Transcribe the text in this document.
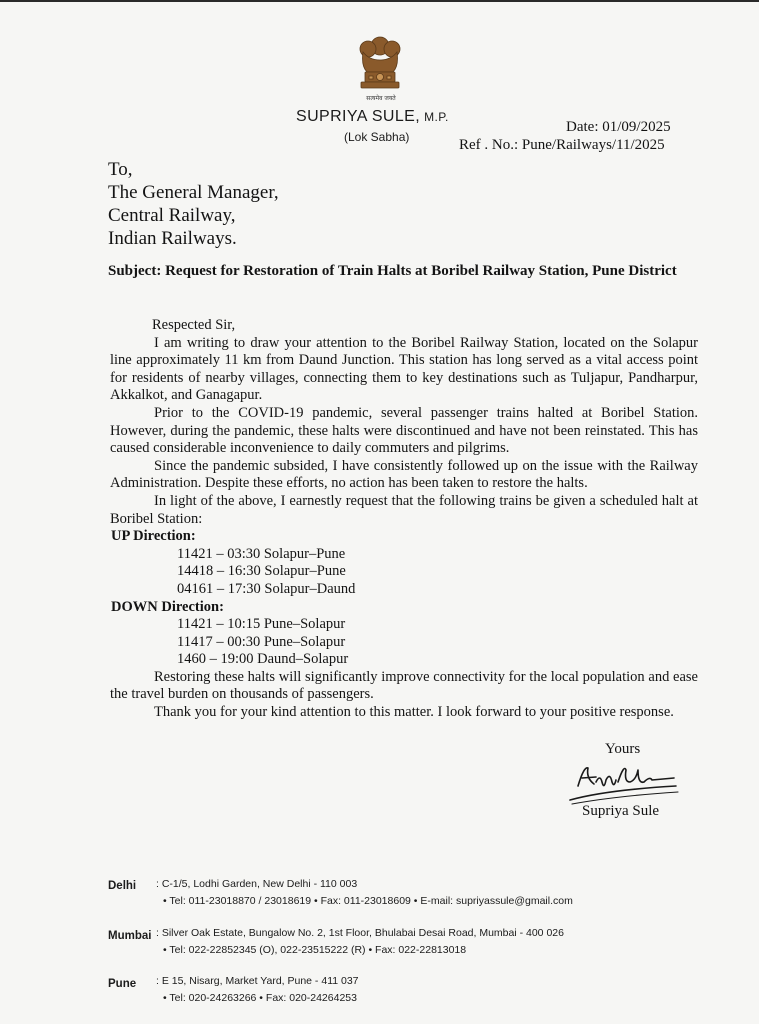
सत्यमेव जयते
SUPRIYA SULE, M.P.
(Lok Sabha)
Date: 01/09/2025
Ref . No.: Pune/Railways/11/2025
To,
The General Manager,
Central Railway,
Indian Railways.
Subject: Request for Restoration of Train Halts at Boribel Railway Station, Pune District

Respected Sir,

I am writing to draw your attention to the Boribel Railway Station, located on the Solapur line approximately 11 km from Daund Junction. This station has long served as a vital access point for residents of nearby villages, connecting them to key destinations such as Tuljapur, Pandharpur, Akkalkot, and Ganagapur.

Prior to the COVID-19 pandemic, several passenger trains halted at Boribel Station. However, during the pandemic, these halts were discontinued and have not been reinstated. This has caused considerable inconvenience to daily commuters and pilgrims.

Since the pandemic subsided, I have consistently followed up on the issue with the Railway Administration. Despite these efforts, no action has been taken to restore the halts.

In light of the above, I earnestly request that the following trains be given a scheduled halt at Boribel Station:

UP Direction:

11421 – 03:30 Solapur–Pune

14418 – 16:30 Solapur–Pune

04161 – 17:30 Solapur–Daund

DOWN Direction:

11421 – 10:15 Pune–Solapur

11417 – 00:30 Pune–Solapur

1460 – 19:00 Daund–Solapur

Restoring these halts will significantly improve connectivity for the local population and ease the travel burden on thousands of passengers.

Thank you for your kind attention to this matter. I look forward to your positive response.

Yours
Supriya Sule
Delhi : C-1/5, Lodhi Garden, New Delhi - 110 003
• Tel: 011-23018870 / 23018619 • Fax: 011-23018609 • E-mail: supriyassule@gmail.com
Mumbai : Silver Oak Estate, Bungalow No. 2, 1st Floor, Bhulabai Desai Road, Mumbai - 400 026
• Tel: 022-22852345 (O), 022-23515222 (R) • Fax: 022-22813018
Pune : E 15, Nisarg, Market Yard, Pune - 411 037
• Tel: 020-24263266 • Fax: 020-24264253
